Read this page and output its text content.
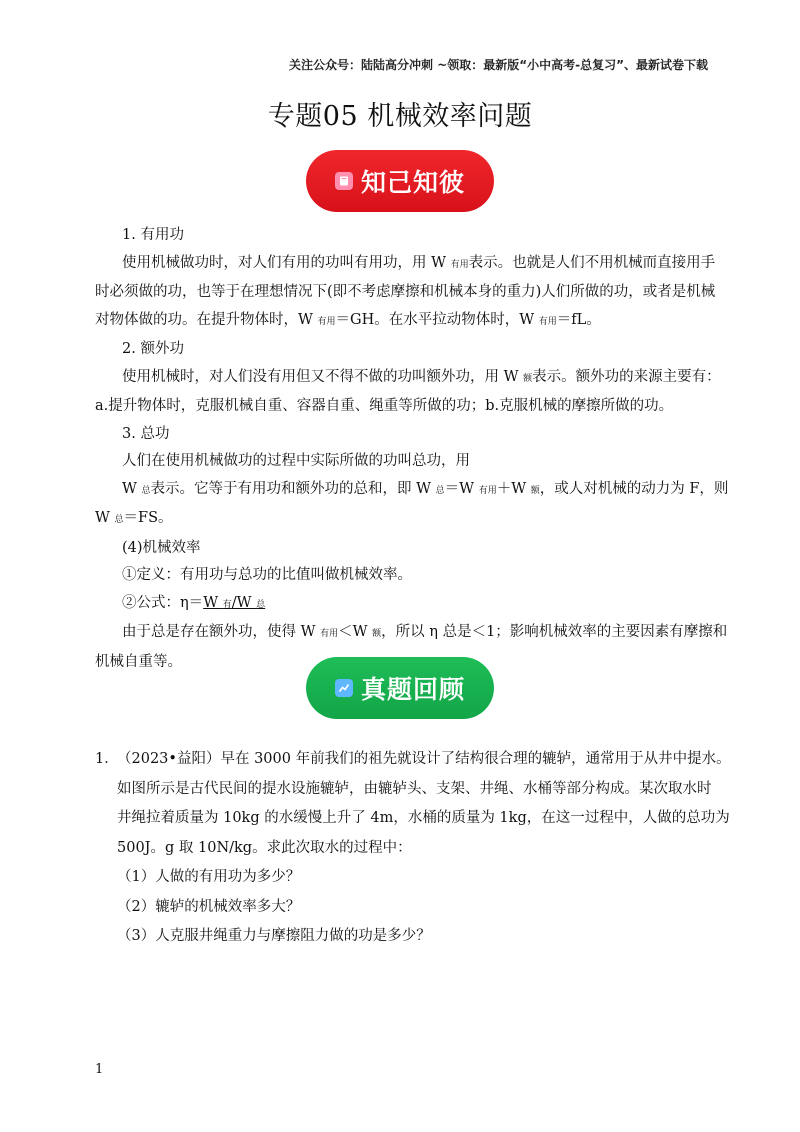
关注公众号：陆陆高分冲刺 ~领取：最新版“小中高考-总复习”、最新试卷下载
专题05 机械效率问题
知己知彼
1. 有用功
使用机械做功时，对人们有用的功叫有用功，用 W 有用表示。也就是人们不用机械而直接用手
时必须做的功，也等于在理想情况下(即不考虑摩擦和机械本身的重力)人们所做的功，或者是机械
对物体做的功。在提升物体时，W 有用＝GH。在水平拉动物体时，W 有用＝fL。
2. 额外功
使用机械时，对人们没有用但又不得不做的功叫额外功，用 W 额表示。额外功的来源主要有：
a.提升物体时，克服机械自重、容器自重、绳重等所做的功；b.克服机械的摩擦所做的功。
3. 总功
人们在使用机械做功的过程中实际所做的功叫总功，用
W 总表示。它等于有用功和额外功的总和，即 W 总＝W 有用＋W 额，或人对机械的动力为 F，则
W 总＝FS。
(4)机械效率
①定义：有用功与总功的比值叫做机械效率。
②公式：η＝W 有/W 总
由于总是存在额外功，使得 W 有用＜W 额，所以 η 总是＜1；影响机械效率的主要因素有摩擦和
机械自重等。
真题回顾
1．
（2023•益阳）早在 3000 年前我们的祖先就设计了结构很合理的辘轳，通常用于从井中提水。
如图所示是古代民间的提水设施辘轳，由辘轳头、支架、井绳、水桶等部分构成。某次取水时
井绳拉着质量为 10kg 的水缓慢上升了 4m，水桶的质量为 1kg，在这一过程中，人做的总功为
500J。g 取 10N/kg。求此次取水的过程中：
（1）人做的有用功为多少？
（2）辘轳的机械效率多大？
（3）人克服井绳重力与摩擦阻力做的功是多少？
1
